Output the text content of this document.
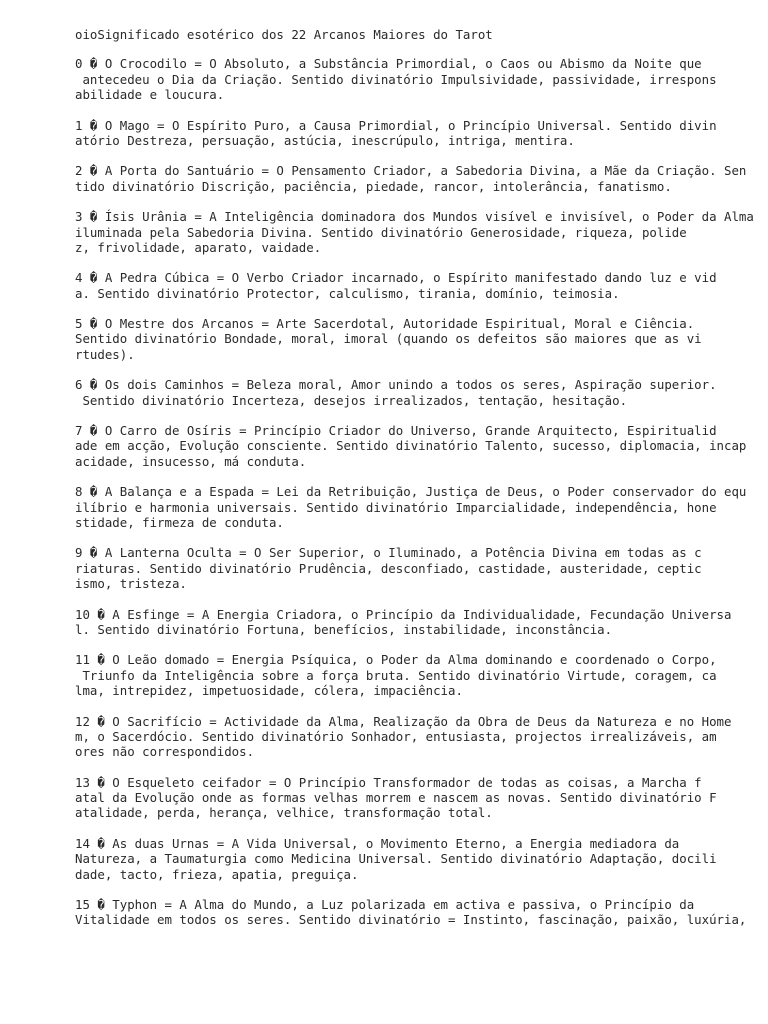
oioSignificado esotérico dos 22 Arcanos Maiores do Tarot
0 � O Crocodilo = O Absoluto, a Substância Primordial, o Caos ou Abismo da Noite que
antecedeu o Dia da Criação. Sentido divinatório Impulsividade, passividade, irrespons
abilidade e loucura.
1 � O Mago = O Espírito Puro, a Causa Primordial, o Princípio Universal. Sentido divin
atório Destreza, persuação, astúcia, inescrúpulo, intriga, mentira.
2 � A Porta do Santuário = O Pensamento Criador, a Sabedoria Divina, a Mãe da Criação. Sen
tido divinatório Discrição, paciência, piedade, rancor, intolerância, fanatismo.
3 � Ísis Urânia = A Inteligência dominadora dos Mundos visível e invisível, o Poder da Alma
iluminada pela Sabedoria Divina. Sentido divinatório Generosidade, riqueza, polide
z, frivolidade, aparato, vaidade.
4 � A Pedra Cúbica = O Verbo Criador incarnado, o Espírito manifestado dando luz e vid
a. Sentido divinatório Protector, calculismo, tirania, domínio, teimosia.
5 � O Mestre dos Arcanos = Arte Sacerdotal, Autoridade Espiritual, Moral e Ciência.
Sentido divinatório Bondade, moral, imoral (quando os defeitos são maiores que as vi
rtudes).
6 � Os dois Caminhos = Beleza moral, Amor unindo a todos os seres, Aspiração superior.
Sentido divinatório Incerteza, desejos irrealizados, tentação, hesitação.
7 � O Carro de Osíris = Princípio Criador do Universo, Grande Arquitecto, Espiritualid
ade em acção, Evolução consciente. Sentido divinatório Talento, sucesso, diplomacia, incap
acidade, insucesso, má conduta.
8 � A Balança e a Espada = Lei da Retribuição, Justiça de Deus, o Poder conservador do equ
ilíbrio e harmonia universais. Sentido divinatório Imparcialidade, independência, hone
stidade, firmeza de conduta.
9 � A Lanterna Oculta = O Ser Superior, o Iluminado, a Potência Divina em todas as c
riaturas. Sentido divinatório Prudência, desconfiado, castidade, austeridade, ceptic
ismo, tristeza.
10 � A Esfinge = A Energia Criadora, o Princípio da Individualidade, Fecundação Universa
l. Sentido divinatório Fortuna, benefícios, instabilidade, inconstância.
11 � O Leão domado = Energia Psíquica, o Poder da Alma dominando e coordenado o Corpo,
Triunfo da Inteligência sobre a força bruta. Sentido divinatório Virtude, coragem, ca
lma, intrepidez, impetuosidade, cólera, impaciência.
12 � O Sacrifício = Actividade da Alma, Realização da Obra de Deus da Natureza e no Home
m, o Sacerdócio. Sentido divinatório Sonhador, entusiasta, projectos irrealizáveis, am
ores não correspondidos.
13 � O Esqueleto ceifador = O Princípio Transformador de todas as coisas, a Marcha f
atal da Evolução onde as formas velhas morrem e nascem as novas. Sentido divinatório F
atalidade, perda, herança, velhice, transformação total.
14 � As duas Urnas = A Vida Universal, o Movimento Eterno, a Energia mediadora da
Natureza, a Taumaturgia como Medicina Universal. Sentido divinatório Adaptação, docili
dade, tacto, frieza, apatia, preguiça.
15 � Typhon = A Alma do Mundo, a Luz polarizada em activa e passiva, o Princípio da
Vitalidade em todos os seres. Sentido divinatório = Instinto, fascinação, paixão, luxúria,
